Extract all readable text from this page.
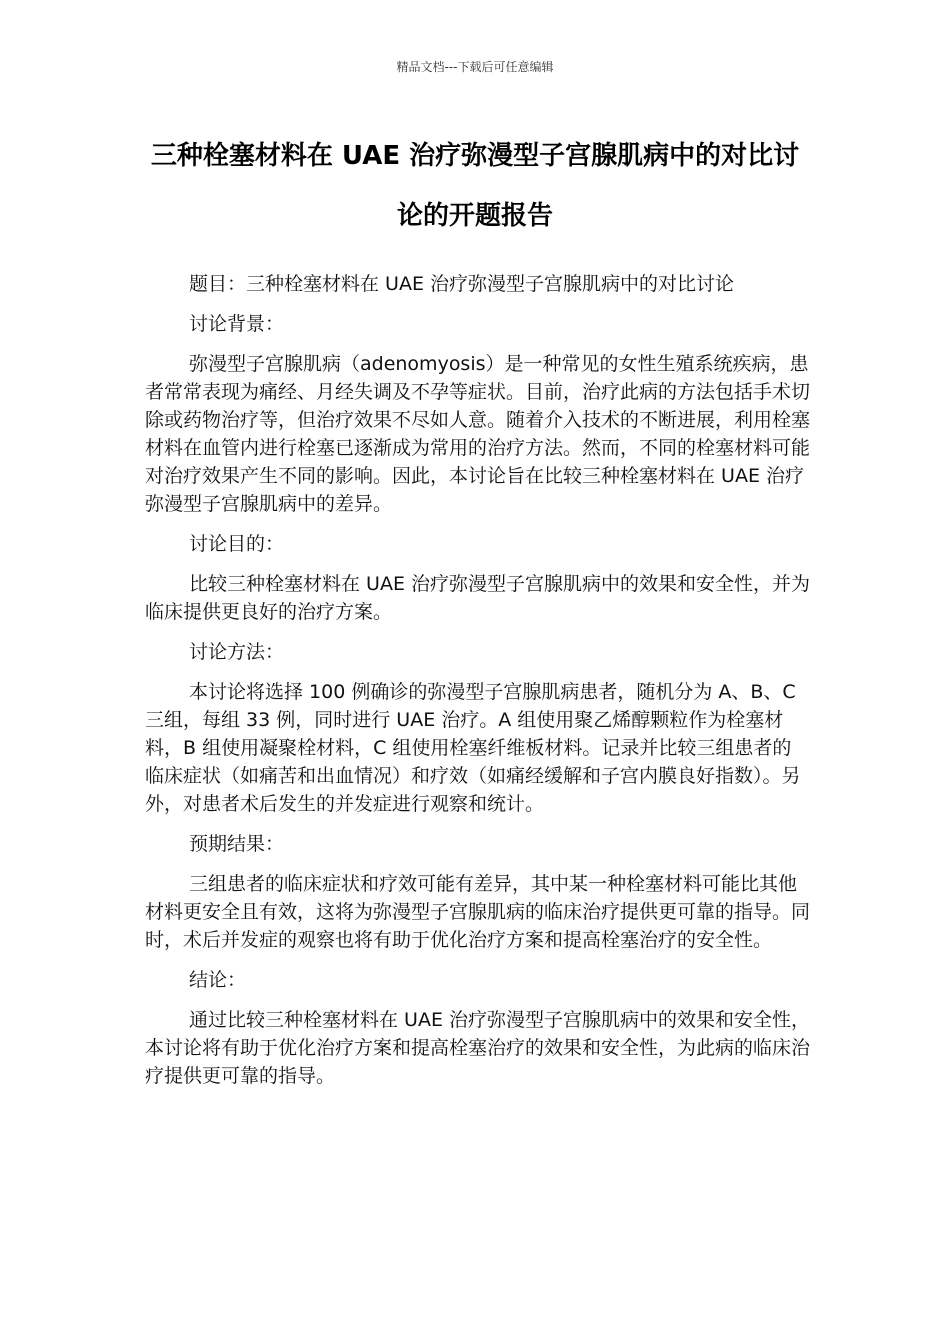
精品文档---下载后可任意编辑
三种栓塞材料在 UAE 治疗弥漫型子宫腺肌病中的对比讨论的开题报告

题目：三种栓塞材料在 UAE 治疗弥漫型子宫腺肌病中的对比讨论

讨论背景：

弥漫型子宫腺肌病（adenomyosis）是一种常见的女性生殖系统疾病，患者常常表现为痛经、月经失调及不孕等症状。目前，治疗此病的方法包括手术切除或药物治疗等，但治疗效果不尽如人意。随着介入技术的不断进展，利用栓塞材料在血管内进行栓塞已逐渐成为常用的治疗方法。然而，不同的栓塞材料可能对治疗效果产生不同的影响。因此，本讨论旨在比较三种栓塞材料在 UAE 治疗弥漫型子宫腺肌病中的差异。

讨论目的：

比较三种栓塞材料在 UAE 治疗弥漫型子宫腺肌病中的效果和安全性，并为临床提供更良好的治疗方案。

讨论方法：

本讨论将选择 100 例确诊的弥漫型子宫腺肌病患者，随机分为 A、B、C 三组，每组 33 例，同时进行 UAE 治疗。A 组使用聚乙烯醇颗粒作为栓塞材料，B 组使用凝聚栓材料，C 组使用栓塞纤维板材料。记录并比较三组患者的临床症状（如痛苦和出血情况）和疗效（如痛经缓解和子宫内膜良好指数）。另外，对患者术后发生的并发症进行观察和统计。

预期结果：

三组患者的临床症状和疗效可能有差异，其中某一种栓塞材料可能比其他材料更安全且有效，这将为弥漫型子宫腺肌病的临床治疗提供更可靠的指导。同时，术后并发症的观察也将有助于优化治疗方案和提高栓塞治疗的安全性。

结论：

通过比较三种栓塞材料在 UAE 治疗弥漫型子宫腺肌病中的效果和安全性，本讨论将有助于优化治疗方案和提高栓塞治疗的效果和安全性，为此病的临床治疗提供更可靠的指导。
